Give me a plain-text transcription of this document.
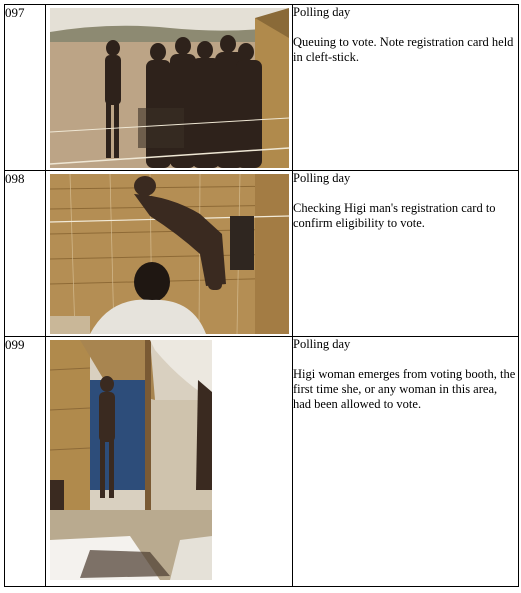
097		Polling day

Queuing to vote. Note registration card held in cleft-stick.

098		Polling day

Checking Higi man's registration card to confirm eligibility to vote.

099		Polling day

Higi woman emerges from voting booth, the first time she, or any woman in this area, had been allowed to vote.
